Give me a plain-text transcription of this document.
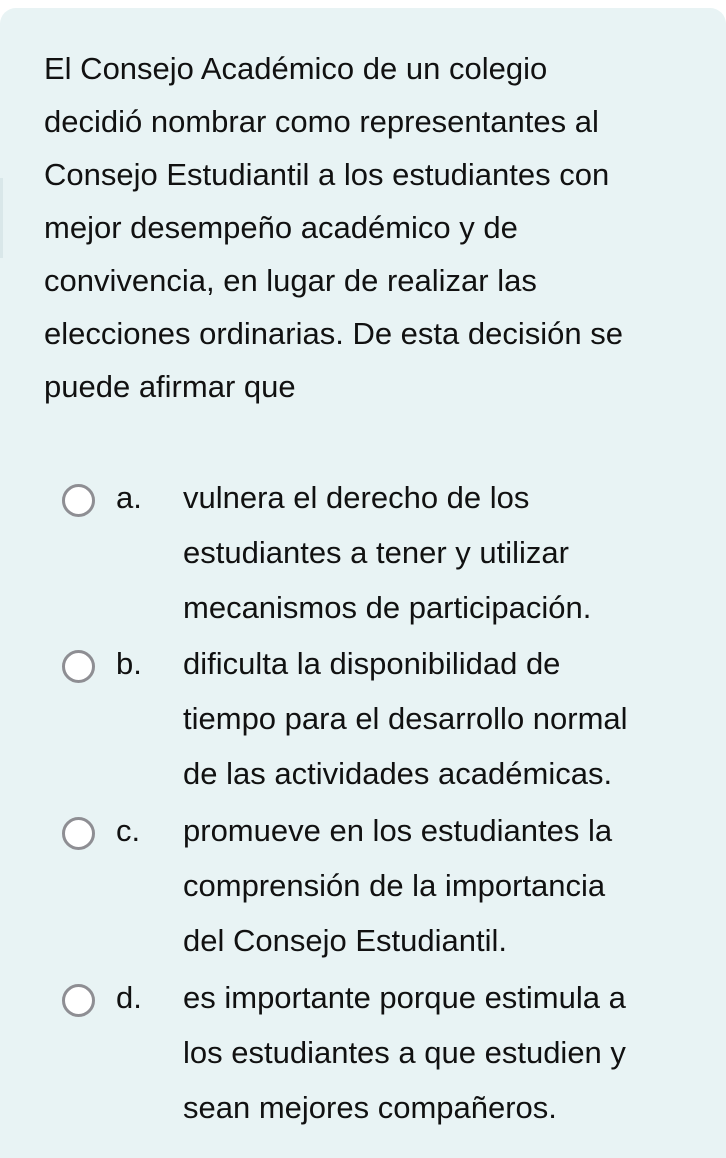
El Consejo Académico de un colegio
decidió nombrar como representantes al
Consejo Estudiantil a los estudiantes con
mejor desempeño académico y de
convivencia, en lugar de realizar las
elecciones ordinarias. De esta decisión se
puede afirmar que

a. vulnera el derecho de los
estudiantes a tener y utilizar
mecanismos de participación.
b. dificulta la disponibilidad de
tiempo para el desarrollo normal
de las actividades académicas.
c. promueve en los estudiantes la
comprensión de la importancia
del Consejo Estudiantil.
d. es importante porque estimula a
los estudiantes a que estudien y
sean mejores compañeros.
